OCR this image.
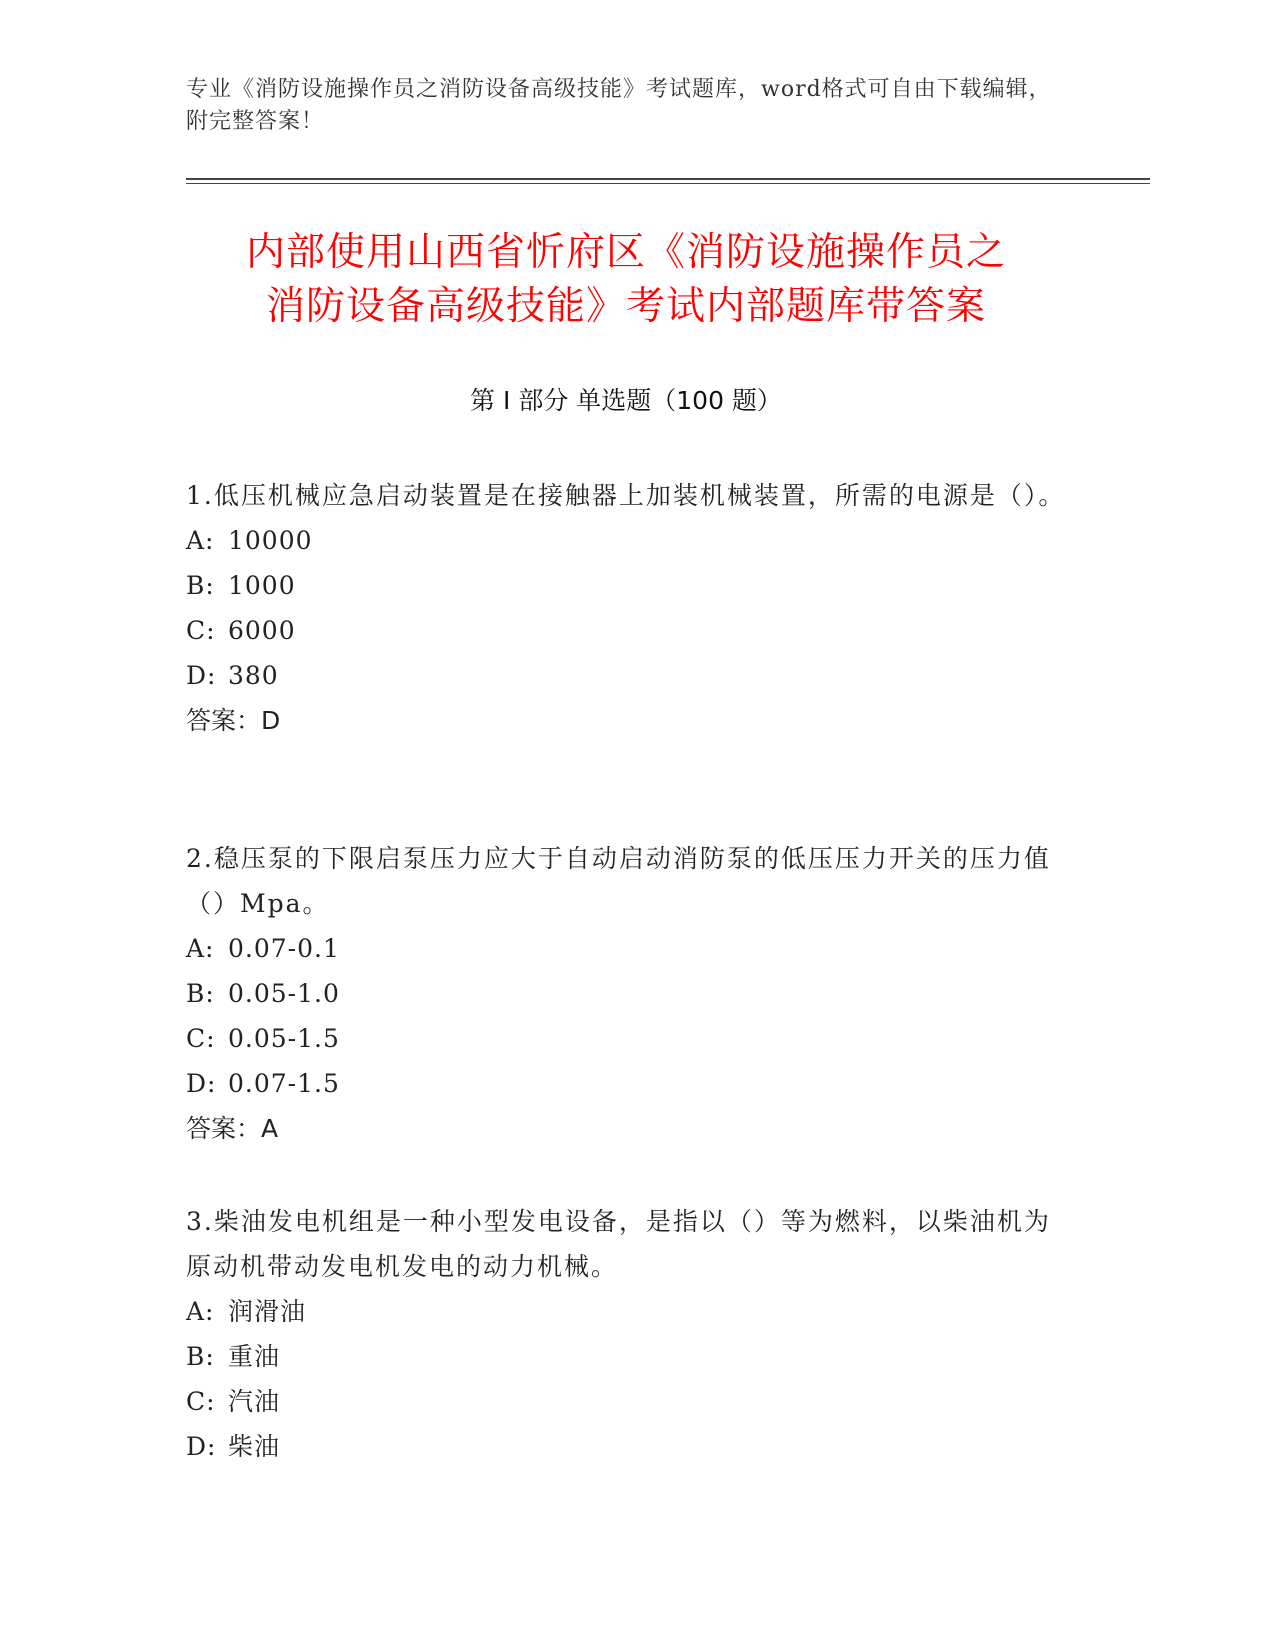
专业《消防设施操作员之消防设备高级技能》考试题库，word格式可自由下载编辑，附完整答案！
内部使用山西省忻府区《消防设施操作员之
消防设备高级技能》考试内部题库带答案
第 I 部分 单选题（100 题）

1.低压机械应急启动装置是在接触器上加装机械装置，所需的电源是（）。

A: 10000

B: 1000

C: 6000

D: 380

答案：D

2.稳压泵的下限启泵压力应大于自动启动消防泵的低压压力开关的压力值（）Mpa。

A: 0.07-0.1

B: 0.05-1.0

C: 0.05-1.5

D: 0.07-1.5

答案：A

3.柴油发电机组是一种小型发电设备，是指以（）等为燃料，以柴油机为原动机带动发电机发电的动力机械。

A: 润滑油

B: 重油

C: 汽油

D: 柴油
